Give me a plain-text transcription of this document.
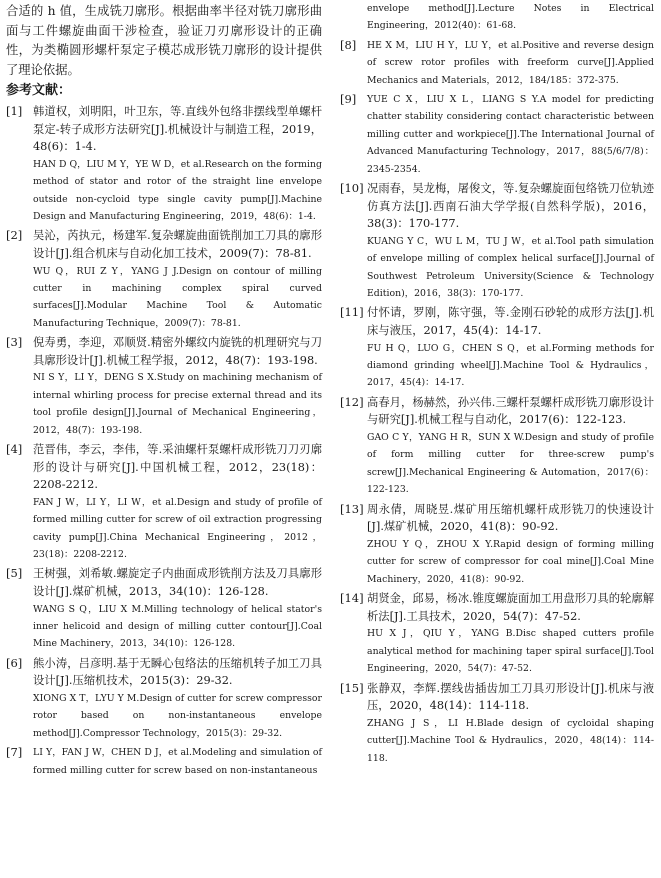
合适的 h 值，生成铣刀廓形。根据曲率半径对铣刀廓形曲面与工件螺旋曲面干涉检查，验证刀刃廓形设计的正确性，为类椭圆形螺杆泵定子模芯成形铣刀廓形的设计提供了理论依据。

参考文献：
[1] 韩道权，刘明阳，叶卫东，等.直线外包络非摆线型单螺杆泵定-转子成形方法研究[J].机械设计与制造工程，2019，48(6)：1-4.
HAN D Q，LIU M Y，YE W D，et al.Research on the forming method of stator and rotor of the straight line envelope outside non-cycloid type single cavity pump[J].Machine Design and Manufacturing Engineering，2019，48(6)：1-4.
[2] 吴沁，芮执元，杨建军.复杂螺旋曲面铣削加工刀具的廓形设计[J].组合机床与自动化加工技术，2009(7)：78-81.
WU Q，RUI Z Y，YANG J J.Design on contour of milling cutter in machining complex spiral curved surfaces[J].Modular Machine Tool & Automatic Manufacturing Technique，2009(7)：78-81.
[3] 倪寿勇，李迎，邓顺贤.精密外螺纹内旋铣的机理研究与刀具廓形设计[J].机械工程学报，2012，48(7)：193-198.
NI S Y，LI Y，DENG S X.Study on machining mechanism of internal whirling process for precise external thread and its tool profile design[J].Journal of Mechanical Engineering，2012，48(7)：193-198.
[4] 范晋伟，李云，李伟，等.采油螺杆泵螺杆成形铣刀刀刃廓形的设计与研究[J].中国机械工程，2012，23(18)：2208-2212.
FAN J W，LI Y，LI W，et al.Design and study of profile of formed milling cutter for screw of oil extraction progressing cavity pump[J].China Mechanical Engineering，2012，23(18)：2208-2212.
[5] 王树强，刘希敏.螺旋定子内曲面成形铣削方法及刀具廓形设计[J].煤矿机械，2013，34(10)：126-128.
WANG S Q，LIU X M.Milling technology of helical stator's inner helicoid and design of milling cutter contour[J].Coal Mine Machinery，2013，34(10)：126-128.
[6] 熊小涛，吕彦明.基于无瞬心包络法的压缩机转子加工刀具设计[J].压缩机技术，2015(3)：29-32.
XIONG X T，LYU Y M.Design of cutter for screw compressor rotor based on non-instantaneous envelope method[J].Compressor Technology，2015(3)：29-32.
[7] LI Y，FAN J W，CHEN D J，et al.Modeling and simulation of formed milling cutter for screw based on non-instantaneous
envelope method[J].Lecture Notes in Electrical Engineering，2012(40)：61-68.
[8] HE X M，LIU H Y，LU Y，et al.Positive and reverse design of screw rotor profiles with freeform curve[J].Applied Mechanics and Materials，2012，184/185：372-375.
[9] YUE C X，LIU X L，LIANG S Y.A model for predicting chatter stability considering contact characteristic between milling cutter and workpiece[J].The International Journal of Advanced Manufacturing Technology，2017，88(5/6/7/8)：2345-2354.
[10] 况雨春，吴龙梅，屠俊文，等.复杂螺旋面包络铣刀位轨迹仿真方法[J].西南石油大学学报(自然科学版)，2016，38(3)：170-177.
KUANG Y C，WU L M，TU J W，et al.Tool path simulation of envelope milling of complex helical surface[J].Journal of Southwest Petroleum University(Science & Technology Edition)，2016，38(3)：170-177.
[11] 付怀请，罗刚，陈守强，等.金刚石砂轮的成形方法[J].机床与液压，2017，45(4)：14-17.
FU H Q，LUO G，CHEN S Q，et al.Forming methods for diamond grinding wheel[J].Machine Tool & Hydraulics，2017，45(4)：14-17.
[12] 高春月，杨赫然，孙兴伟.三螺杆泵螺杆成形铣刀廓形设计与研究[J].机械工程与自动化，2017(6)：122-123.
GAO C Y，YANG H R，SUN X W.Design and study of profile of form milling cutter for three-screw pump's screw[J].Mechanical Engineering & Automation，2017(6)：122-123.
[13] 周永倩，周晓昱.煤矿用压缩机螺杆成形铣刀的快速设计[J].煤矿机械，2020，41(8)：90-92.
ZHOU Y Q，ZHOU X Y.Rapid design of forming milling cutter for screw of compressor for coal mine[J].Coal Mine Machinery，2020，41(8)：90-92.
[14] 胡贤金，邱易，杨冰.锥度螺旋面加工用盘形刀具的轮廓解析法[J].工具技术，2020，54(7)：47-52.
HU X J，QIU Y，YANG B.Disc shaped cutters profile analytical method for machining taper spiral surface[J].Tool Engineering，2020，54(7)：47-52.
[15] 张静双，李辉.摆线齿插齿加工刀具刃形设计[J].机床与液压，2020，48(14)：114-118.
ZHANG J S，LI H.Blade design of cycloidal shaping cutter[J].Machine Tool & Hydraulics，2020，48(14)：114-118.
